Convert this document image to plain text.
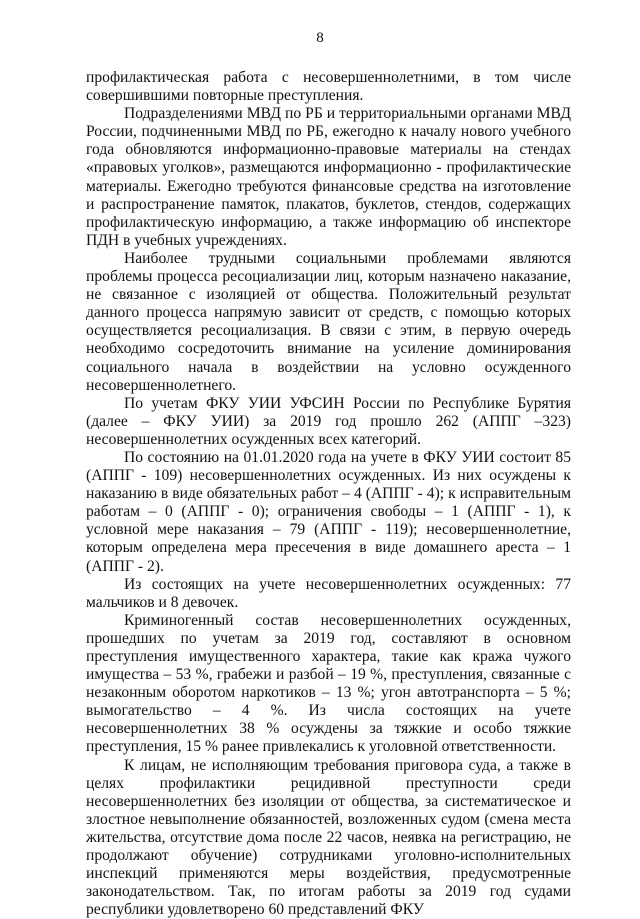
8

профилактическая работа с несовершеннолетними, в том числе совершившими повторные преступления.

Подразделениями МВД по РБ и территориальными органами МВД России, подчиненными МВД по РБ, ежегодно к началу нового учебного года обновляются информационно-правовые материалы на стендах «правовых уголков», размещаются информационно - профилактические материалы. Ежегодно требуются финансовые средства на изготовление и распространение памяток, плакатов, буклетов, стендов, содержащих профилактическую информацию, а также информацию об инспекторе ПДН в учебных учреждениях.

Наиболее трудными социальными проблемами являются проблемы процесса ресоциализации лиц, которым назначено наказание, не связанное с изоляцией от общества. Положительный результат данного процесса напрямую зависит от средств, с помощью которых осуществляется ресоциализация. В связи с этим, в первую очередь необходимо сосредоточить внимание на усиление доминирования социального начала в воздействии на условно осужденного несовершеннолетнего.

По учетам ФКУ УИИ УФСИН России по Республике Бурятия (далее – ФКУ УИИ) за 2019 год прошло 262 (АППГ –323) несовершеннолетних осужденных всех категорий.

По состоянию на 01.01.2020 года на учете в ФКУ УИИ состоит 85 (АППГ - 109) несовершеннолетних осужденных. Из них осуждены к наказанию в виде обязательных работ – 4 (АППГ - 4); к исправительным работам – 0 (АППГ - 0); ограничения свободы – 1 (АППГ - 1), к условной мере наказания – 79 (АППГ - 119); несовершеннолетние, которым определена мера пресечения в виде домашнего ареста – 1 (АППГ - 2).

Из состоящих на учете несовершеннолетних осужденных: 77 мальчиков и 8 девочек.

Криминогенный состав несовершеннолетних осужденных, прошедших по учетам за 2019 год, составляют в основном преступления имущественного характера, такие как кража чужого имущества – 53 %, грабежи и разбой – 19 %, преступления, связанные с незаконным оборотом наркотиков – 13 %; угон автотранспорта – 5 %; вымогательство – 4 %. Из числа состоящих на учете несовершеннолетних 38 % осуждены за тяжкие и особо тяжкие преступления, 15 % ранее привлекались к уголовной ответственности.

К лицам, не исполняющим требования приговора суда, а также в целях профилактики рецидивной преступности среди несовершеннолетних без изоляции от общества, за систематическое и злостное невыполнение обязанностей, возложенных судом (смена места жительства, отсутствие дома после 22 часов, неявка на регистрацию, не продолжают обучение) сотрудниками уголовно-исполнительных инспекций применяются меры воздействия, предусмотренные законодательством. Так, по итогам работы за 2019 год судами республики удовлетворено 60 представлений ФКУ
